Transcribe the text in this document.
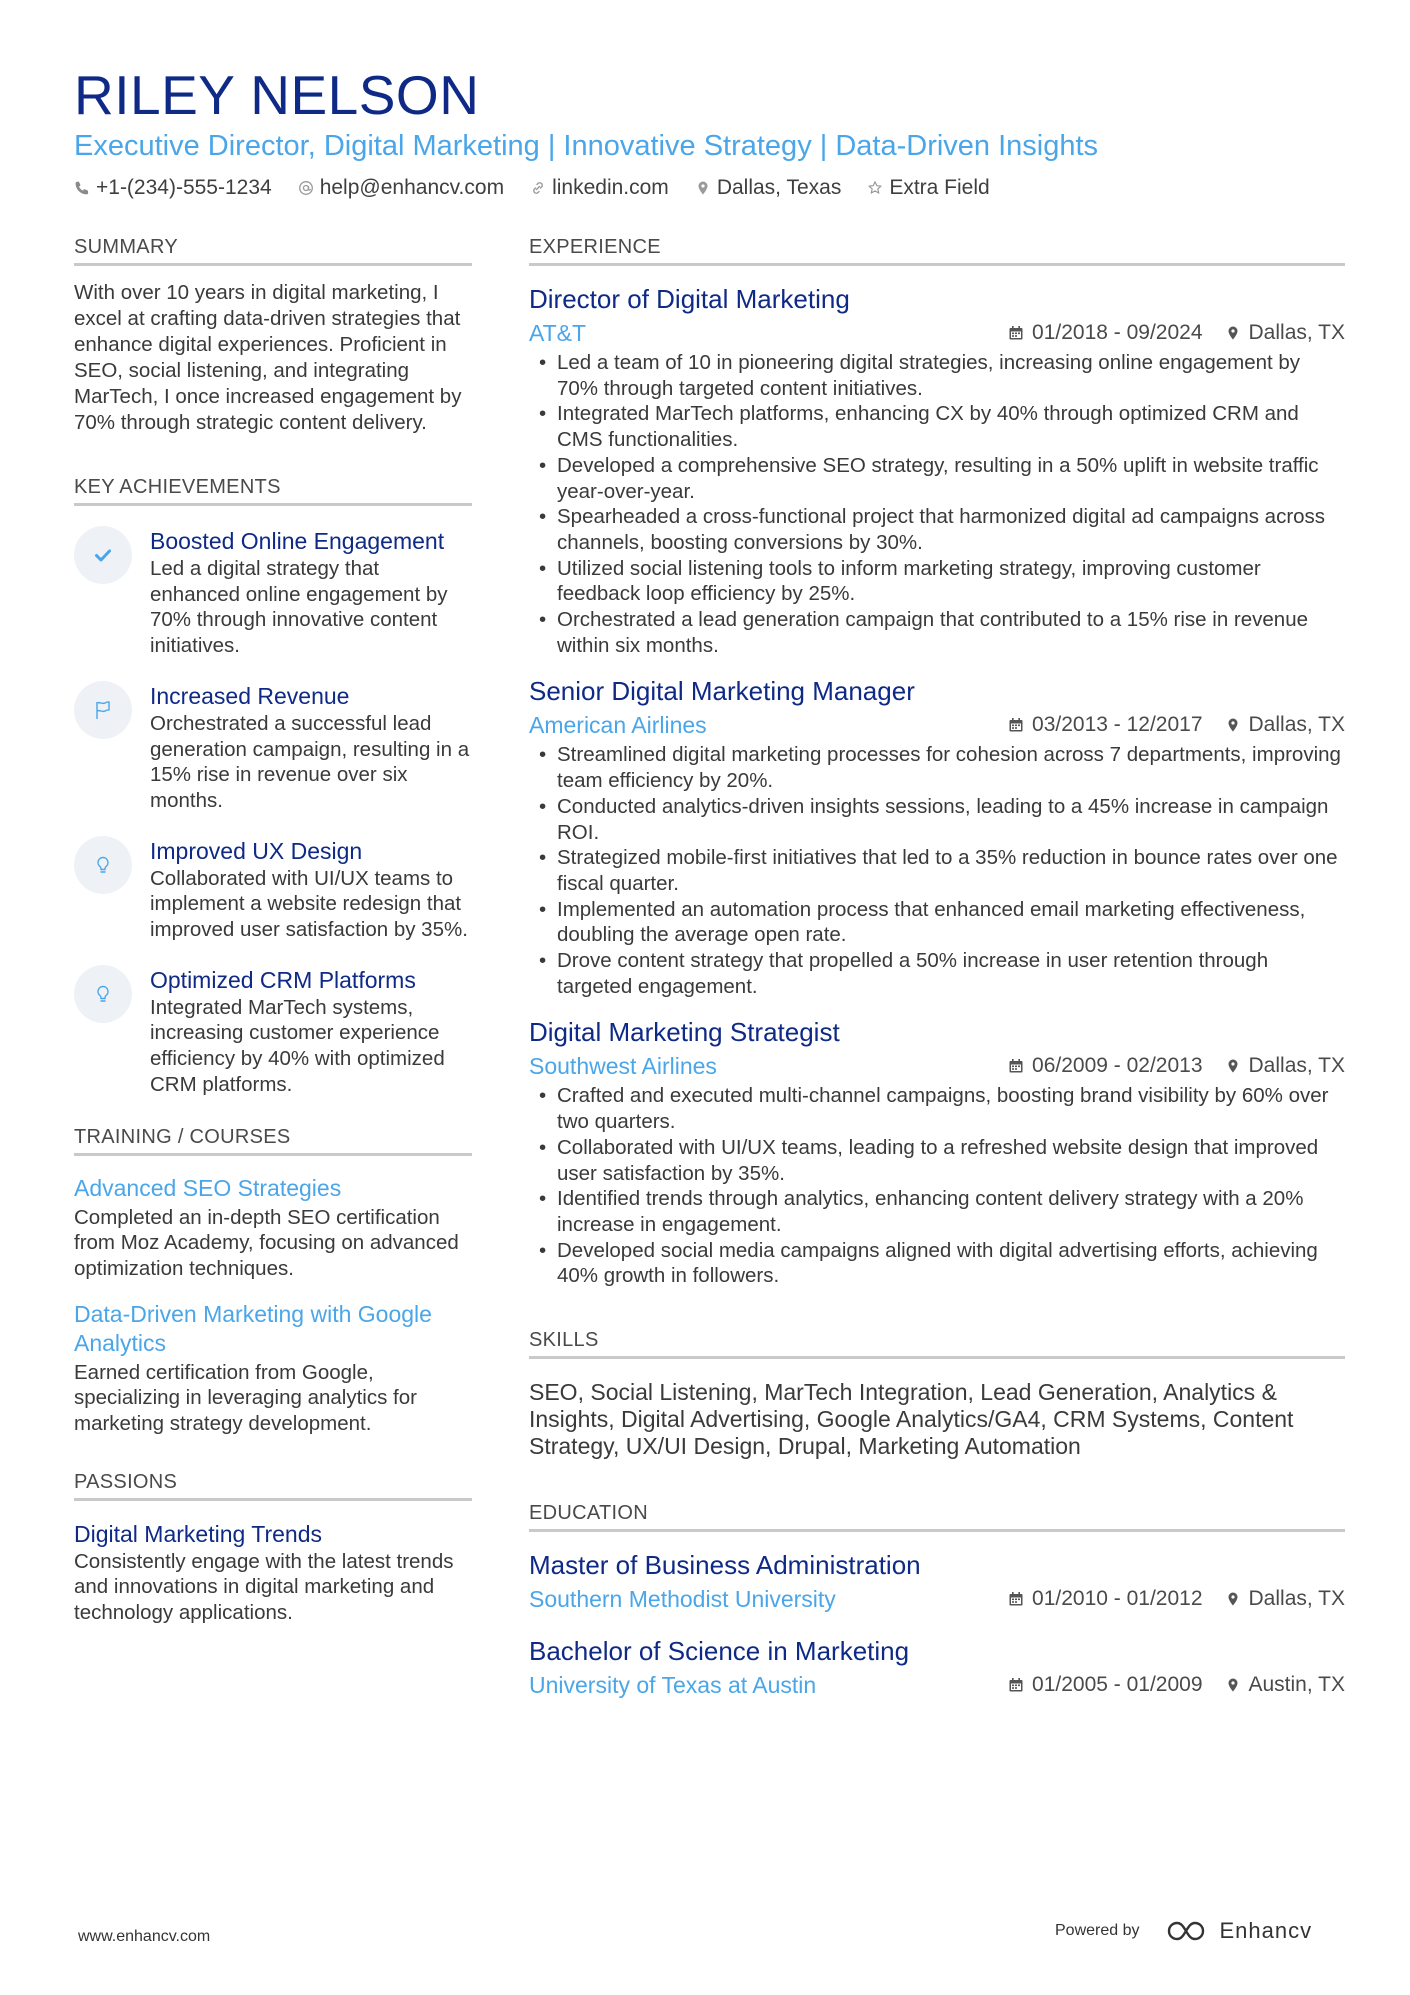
RILEY NELSON
Executive Director, Digital Marketing | Innovative Strategy | Data-Driven Insights
+1-(234)-555-1234 help@enhancv.com linkedin.com Dallas, Texas Extra Field
SUMMARY
With over 10 years in digital marketing, I excel at crafting data-driven strategies that enhance digital experiences. Proficient in SEO, social listening, and integrating MarTech, I once increased engagement by 70% through strategic content delivery.
KEY ACHIEVEMENTS
Boosted Online Engagement
Led a digital strategy that enhanced online engagement by 70% through innovative content initiatives.
Increased Revenue
Orchestrated a successful lead generation campaign, resulting in a 15% rise in revenue over six months.
Improved UX Design
Collaborated with UI/UX teams to implement a website redesign that improved user satisfaction by 35%.
Optimized CRM Platforms
Integrated MarTech systems, increasing customer experience efficiency by 40% with optimized CRM platforms.
TRAINING / COURSES
Advanced SEO Strategies
Completed an in-depth SEO certification from Moz Academy, focusing on advanced optimization techniques.
Data-Driven Marketing with Google Analytics
Earned certification from Google, specializing in leveraging analytics for marketing strategy development.
PASSIONS
Digital Marketing Trends
Consistently engage with the latest trends and innovations in digital marketing and technology applications.
EXPERIENCE
Director of Digital Marketing
AT&T	01/2018 - 09/2024 Dallas, TX
• Led a team of 10 in pioneering digital strategies, increasing online engagement by 70% through targeted content initiatives.
• Integrated MarTech platforms, enhancing CX by 40% through optimized CRM and CMS functionalities.
• Developed a comprehensive SEO strategy, resulting in a 50% uplift in website traffic year-over-year.
• Spearheaded a cross-functional project that harmonized digital ad campaigns across channels, boosting conversions by 30%.
• Utilized social listening tools to inform marketing strategy, improving customer feedback loop efficiency by 25%.
• Orchestrated a lead generation campaign that contributed to a 15% rise in revenue within six months.
Senior Digital Marketing Manager
American Airlines	03/2013 - 12/2017 Dallas, TX
• Streamlined digital marketing processes for cohesion across 7 departments, improving team efficiency by 20%.
• Conducted analytics-driven insights sessions, leading to a 45% increase in campaign ROI.
• Strategized mobile-first initiatives that led to a 35% reduction in bounce rates over one fiscal quarter.
• Implemented an automation process that enhanced email marketing effectiveness, doubling the average open rate.
• Drove content strategy that propelled a 50% increase in user retention through targeted engagement.
Digital Marketing Strategist
Southwest Airlines	06/2009 - 02/2013 Dallas, TX
• Crafted and executed multi-channel campaigns, boosting brand visibility by 60% over two quarters.
• Collaborated with UI/UX teams, leading to a refreshed website design that improved user satisfaction by 35%.
• Identified trends through analytics, enhancing content delivery strategy with a 20% increase in engagement.
• Developed social media campaigns aligned with digital advertising efforts, achieving 40% growth in followers.
SKILLS
SEO, Social Listening, MarTech Integration, Lead Generation, Analytics & Insights, Digital Advertising, Google Analytics/GA4, CRM Systems, Content Strategy, UX/UI Design, Drupal, Marketing Automation
EDUCATION
Master of Business Administration
Southern Methodist University	01/2010 - 01/2012 Dallas, TX
Bachelor of Science in Marketing
University of Texas at Austin	01/2005 - 01/2009 Austin, TX
www.enhancv.com	Powered by	Enhancv
